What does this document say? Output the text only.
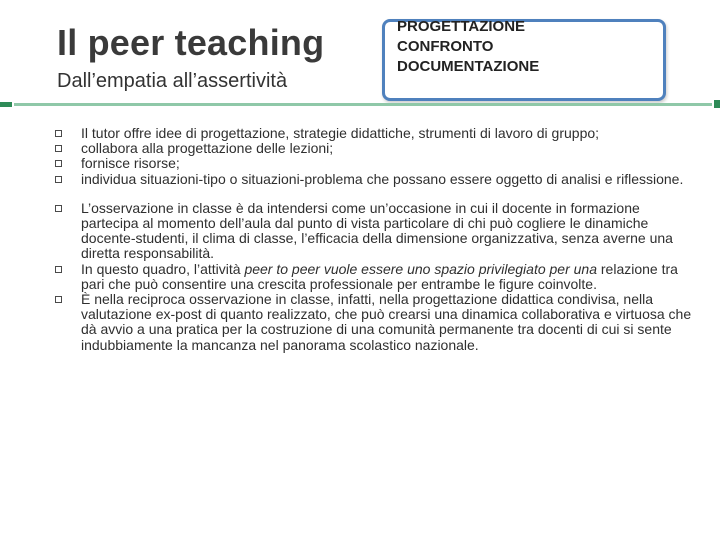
Il peer teaching
Dall’empatia all’assertività
PROGETTAZIONE
CONFRONTO
DOCUMENTAZIONE
Il tutor offre idee di progettazione, strategie didattiche, strumenti di lavoro di gruppo;
collabora alla progettazione delle lezioni;
fornisce risorse;
individua situazioni-tipo o situazioni-problema che possano essere oggetto di analisi e riflessione.
L’osservazione in classe è da intendersi come un’occasione in cui il docente in formazione partecipa al momento dell’aula dal punto di vista particolare di chi può cogliere le dinamiche docente-studenti, il clima di classe, l’efficacia della dimensione organizzativa, senza averne una diretta responsabilità.
In questo quadro, l’attività peer to peer vuole essere uno spazio privilegiato per una relazione tra pari che può consentire una crescita professionale per entrambe le figure coinvolte.
È nella reciproca osservazione in classe, infatti, nella progettazione didattica condivisa, nella valutazione ex-post di quanto realizzato, che può crearsi una dinamica collaborativa e virtuosa che dà avvio a una pratica per la costruzione di una comunità permanente tra docenti di cui si sente indubbiamente la mancanza nel panorama scolastico nazionale.
